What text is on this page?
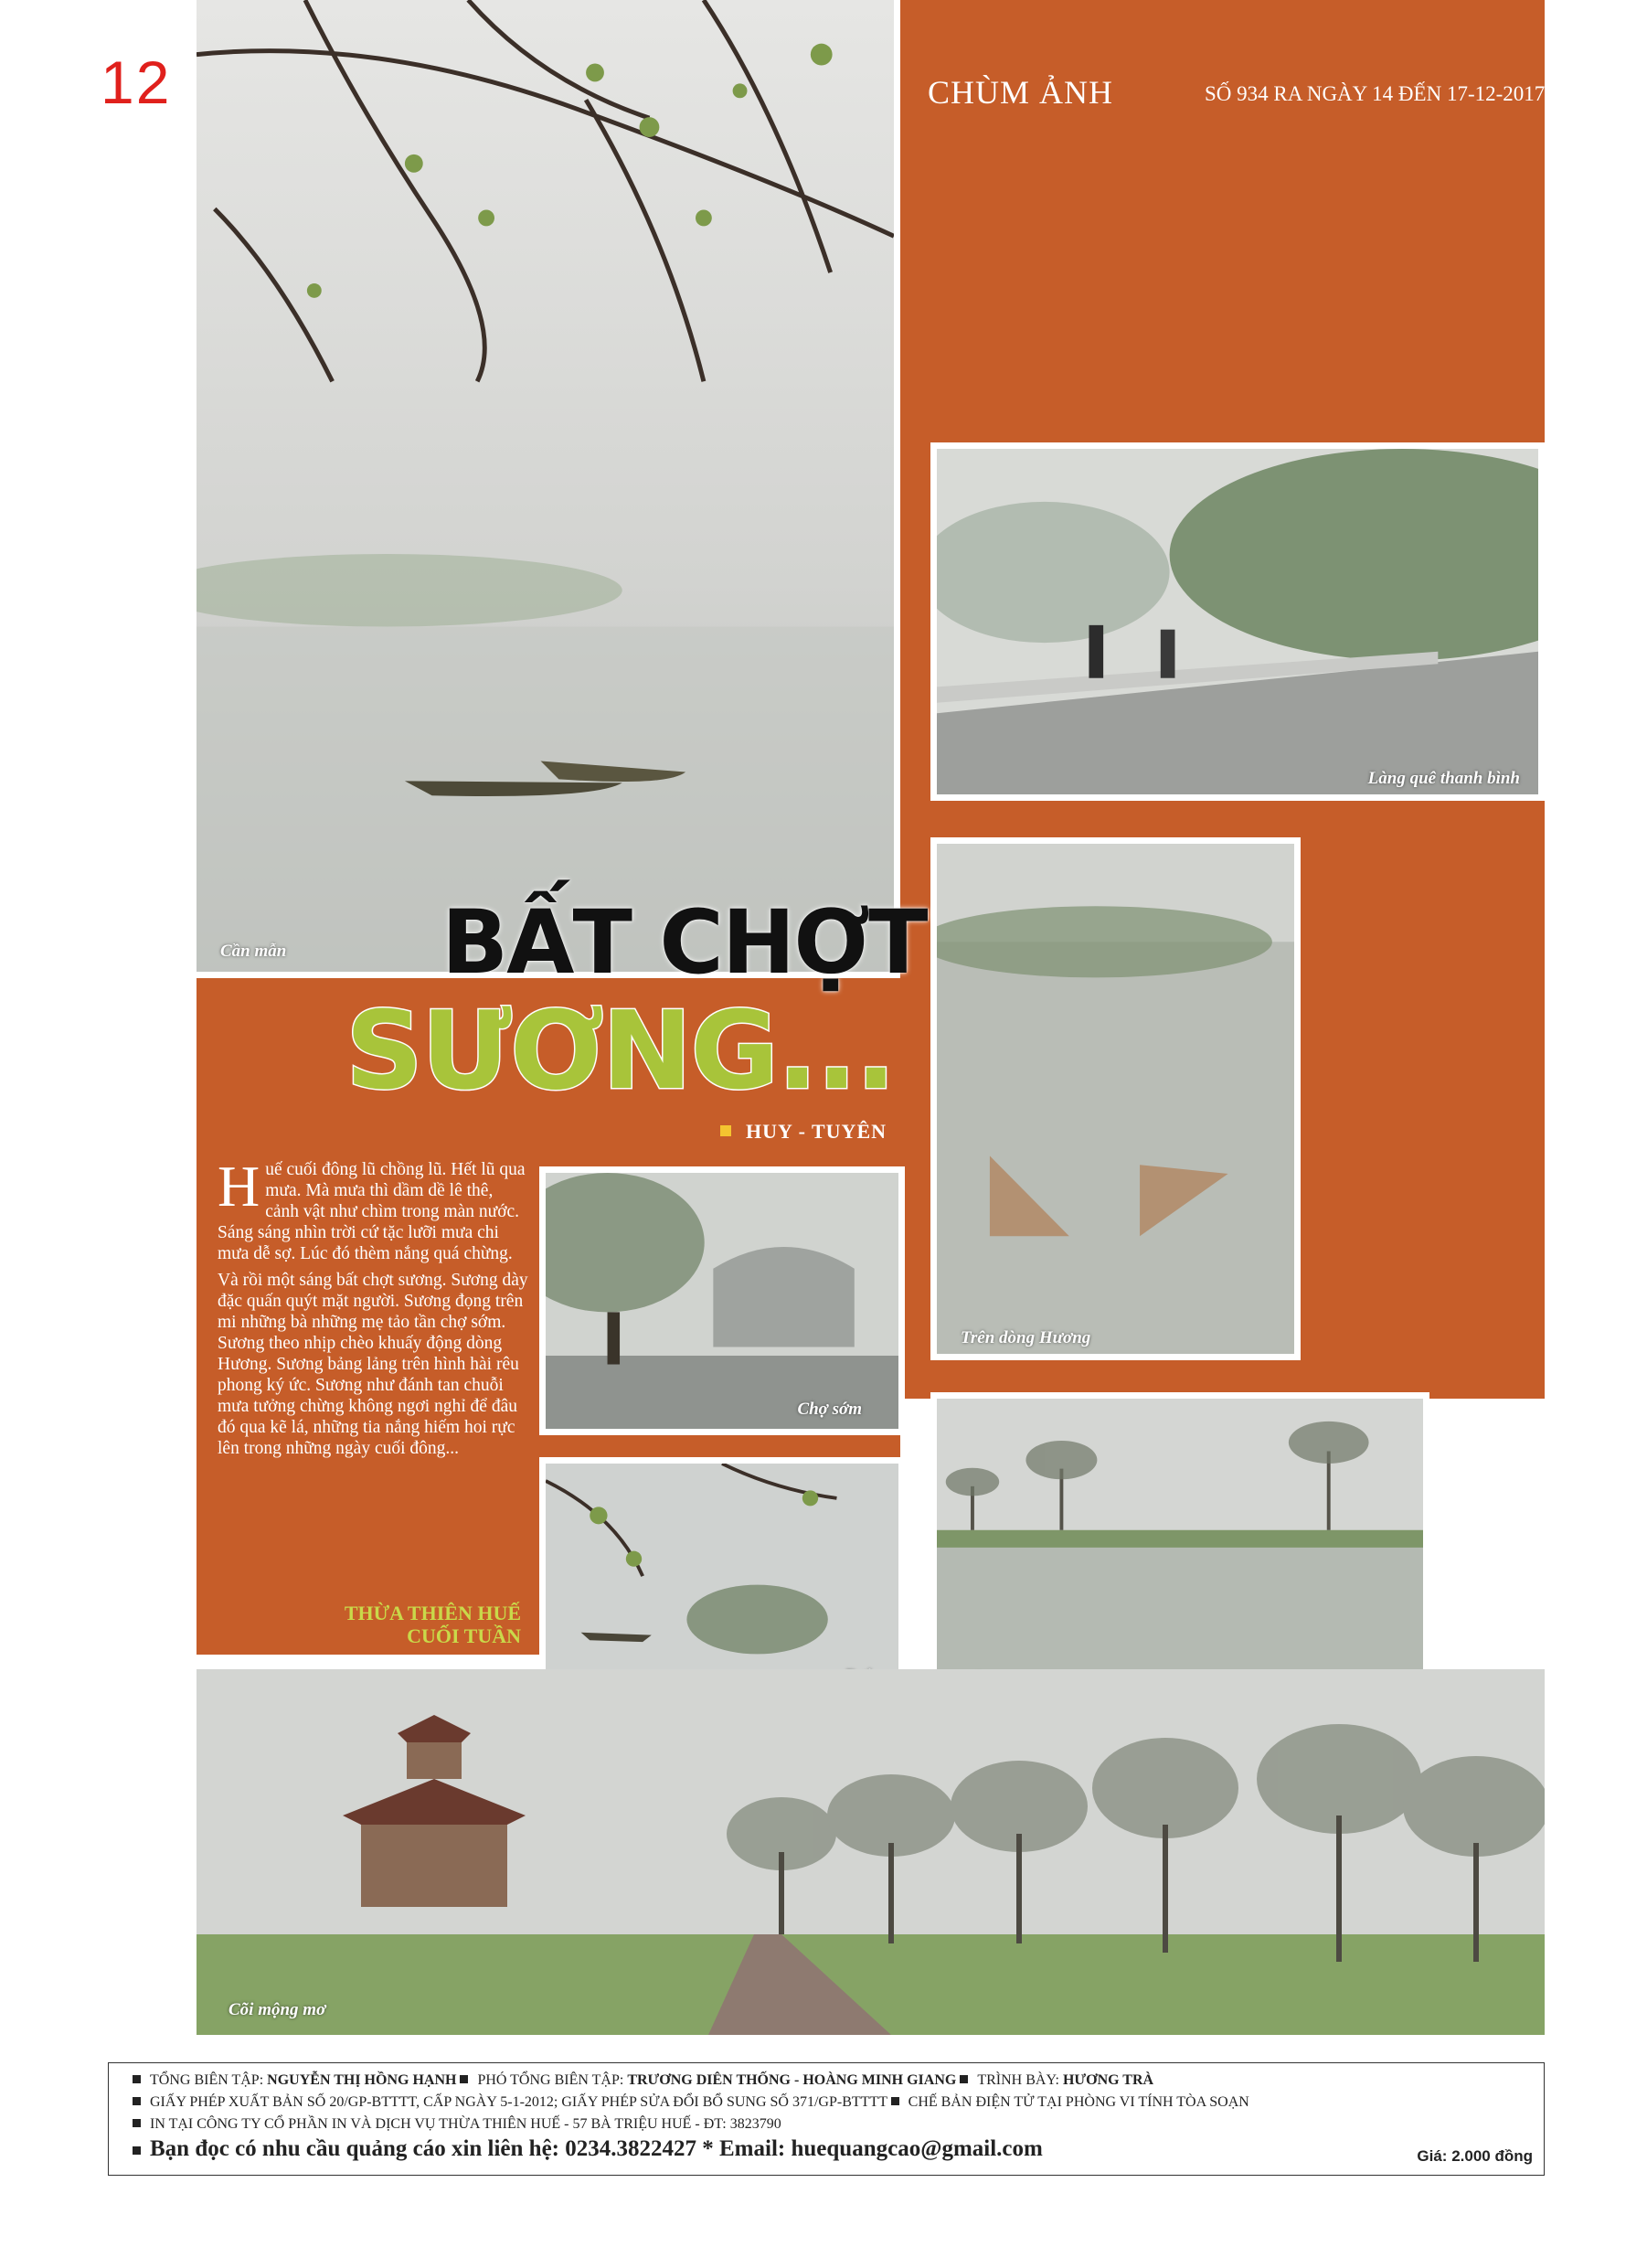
12	CHÙM ẢNH	SỐ 934 RA NGÀY 14 ĐẾN 17-12-2017
Cần mẫn
Làng quê thanh bình
Trên dòng Hương
Chợ sớm
Cõi mộng mơ
BẤT CHỢT
SƯƠNG...
HUY - TUYÊN

Huế cuối đông lũ chồng lũ. Hết lũ qua mưa. Mà mưa thì dầm dề lê thê, cảnh vật như chìm trong màn nước. Sáng sáng nhìn trời cứ tặc lưỡi mưa chi mưa dễ sợ. Lúc đó thèm nắng quá chừng.

Và rồi một sáng bất chợt sương. Sương dày đặc quấn quýt mặt người. Sương đọng trên mi những bà những mẹ tảo tần chợ sớm. Sương theo nhịp chèo khuấy động dòng Hương. Sương bảng lảng trên hình hài rêu phong ký ức. Sương như đánh tan chuỗi mưa tưởng chừng không ngơi nghỉ để đâu đó qua kẽ lá, những tia nắng hiếm hoi rực lên trong những ngày cuối đông...

THỪA THIÊN HUẾ
CUỐI TUẦN
TỔNG BIÊN TẬP: NGUYỄN THỊ HỒNG HẠNH PHÓ TỔNG BIÊN TẬP: TRƯƠNG DIÊN THỐNG - HOÀNG MINH GIANG TRÌNH BÀY: HƯƠNG TRÀ
GIẤY PHÉP XUẤT BẢN SỐ 20/GP-BTTTT, CẤP NGÀY 5-1-2012; GIẤY PHÉP SỬA ĐỔI BỔ SUNG SỐ 371/GP-BTTTT CHẾ BẢN ĐIỆN TỬ TẠI PHÒNG VI TÍNH TÒA SOẠN
IN TẠI CÔNG TY CỔ PHẦN IN VÀ DỊCH VỤ THỪA THIÊN HUẾ - 57 BÀ TRIỆU HUẾ - ĐT: 3823790
Bạn đọc có nhu cầu quảng cáo xin liên hệ: 0234.3822427 * Email: huequangcao@gmail.com	Giá: 2.000 đồng
